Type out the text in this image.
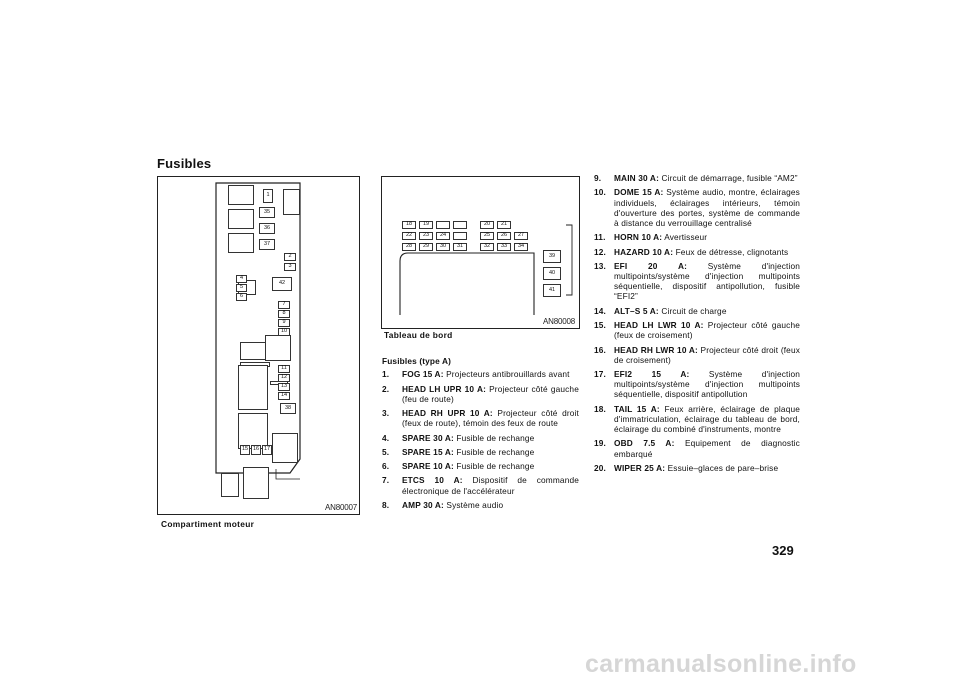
Fusibles
35
36
37
2
3
4
5
6
42
7
8
9
10
11
12
13
14
38
15 16 17
1
AN80007
Compartiment moteur
18	19	20	21
22	23	24	25	26	27
28	29	30	31	32	33	34
39
40
41
AN80008
Tableau de bord
Fusibles (type A)
1. FOG 15 A: Projecteurs antibrouillards avant
2. HEAD LH UPR 10 A: Projecteur côté gauche (feu de route)
3. HEAD RH UPR 10 A: Projecteur côté droit (feux de route), témoin des feux de route
4. SPARE 30 A: Fusible de rechange
5. SPARE 15 A: Fusible de rechange
6. SPARE 10 A: Fusible de rechange
7. ETCS 10 A: Dispositif de commande électronique de l'accélérateur
8. AMP 30 A: Système audio
9. MAIN 30 A: Circuit de démarrage, fusible “AM2”
10. DOME 15 A: Système audio, montre, éclairages individuels, éclairages intérieurs, témoin d'ouverture des portes, système de commande à distance du verrouillage centralisé
11. HORN 10 A: Avertisseur
12. HAZARD 10 A: Feux de détresse, clignotants
13. EFI 20 A: Système d'injection multipoints/système d'injection multipoints séquentielle, dispositif antipollution, fusible “EFI2”
14. ALT–S 5 A: Circuit de charge
15. HEAD LH LWR 10 A: Projecteur côté gauche (feux de croisement)
16. HEAD RH LWR 10 A: Projecteur côté droit (feux de croisement)
17. EFI2 15 A: Système d'injection multipoints/système d'injection multipoints séquentielle, dispositif antipollution
18. TAIL 15 A: Feux arrière, éclairage de plaque d'immatriculation, éclairage du tableau de bord, éclairage du combiné d'instruments, montre
19. OBD 7.5 A: Equipement de diagnostic embarqué
20. WIPER 25 A: Essuie–glaces de pare–brise
329
carmanualsonline.info
